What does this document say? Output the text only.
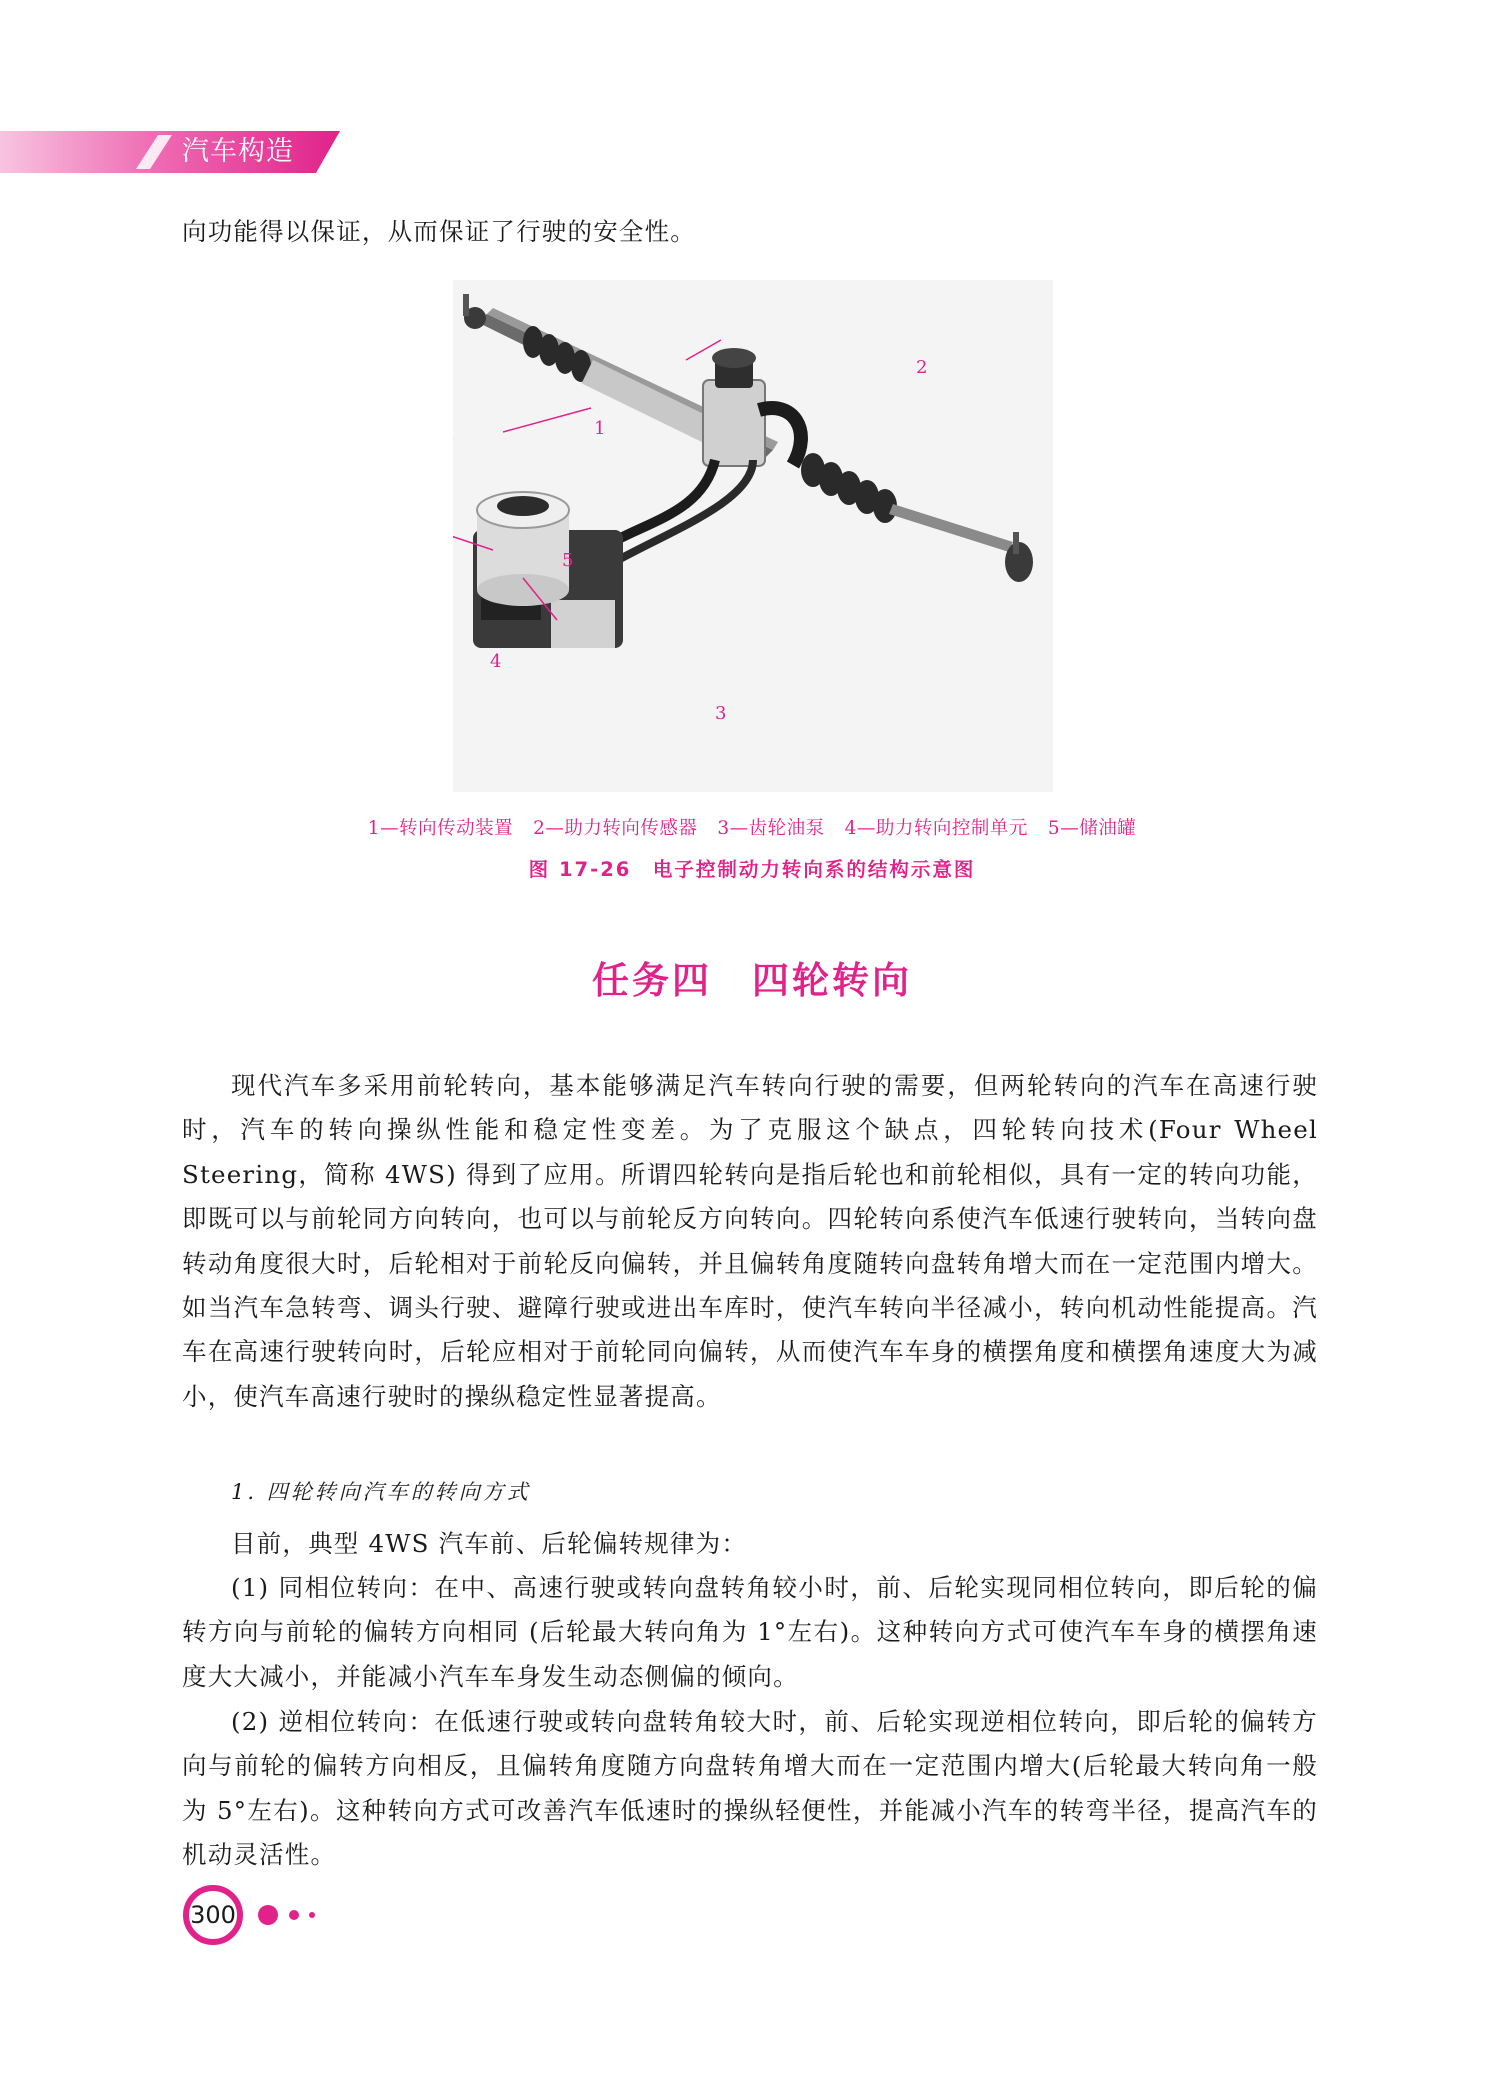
汽车构造

向功能得以保证，从而保证了行驶的安全性。

1
2
3
4
5
1—转向传动装置 2—助力转向传感器 3—齿轮油泵 4—助力转向控制单元 5—储油罐
图 17-26　电子控制动力转向系的结构示意图
任务四 四轮转向

现代汽车多采用前轮转向，基本能够满足汽车转向行驶的需要，但两轮转向的汽车在高速行驶时，汽车的转向操纵性能和稳定性变差。为了克服这个缺点，四轮转向技术(Four Wheel Steering，简称 4WS) 得到了应用。所谓四轮转向是指后轮也和前轮相似，具有一定的转向功能，即既可以与前轮同方向转向，也可以与前轮反方向转向。四轮转向系使汽车低速行驶转向，当转向盘转动角度很大时，后轮相对于前轮反向偏转，并且偏转角度随转向盘转角增大而在一定范围内增大。如当汽车急转弯、调头行驶、避障行驶或进出车库时，使汽车转向半径减小，转向机动性能提高。汽车在高速行驶转向时，后轮应相对于前轮同向偏转，从而使汽车车身的横摆角度和横摆角速度大为减小，使汽车高速行驶时的操纵稳定性显著提高。

1. 四轮转向汽车的转向方式

目前，典型 4WS 汽车前、后轮偏转规律为：

(1) 同相位转向：在中、高速行驶或转向盘转角较小时，前、后轮实现同相位转向，即后轮的偏转方向与前轮的偏转方向相同 (后轮最大转向角为 1°左右)。这种转向方式可使汽车车身的横摆角速度大大减小，并能减小汽车车身发生动态侧偏的倾向。

(2) 逆相位转向：在低速行驶或转向盘转角较大时，前、后轮实现逆相位转向，即后轮的偏转方向与前轮的偏转方向相反，且偏转角度随方向盘转角增大而在一定范围内增大(后轮最大转向角一般为 5°左右)。这种转向方式可改善汽车低速时的操纵轻便性，并能减小汽车的转弯半径，提高汽车的机动灵活性。

300
